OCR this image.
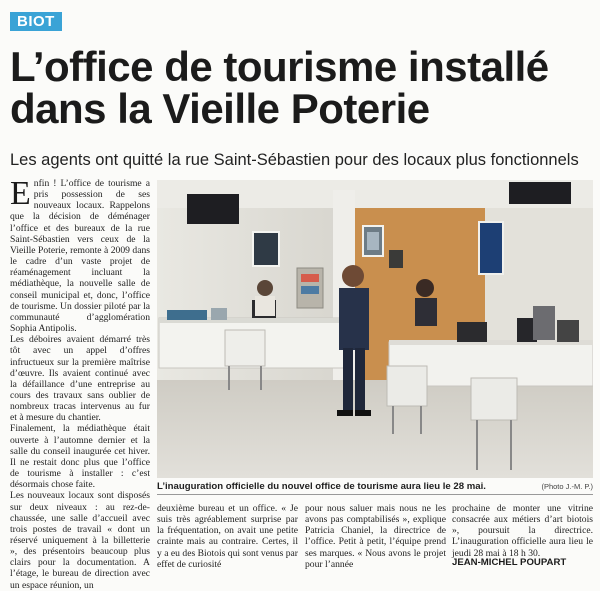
BIOT
L’office de tourisme installé
dans la Vieille Poterie
Les agents ont quitté la rue Saint-Sébastien pour des locaux plus fonctionnels

Enfin ! L’office de tourisme a pris possession de ses nouveaux locaux. Rappelons que la décision de déménager l’office et des bureaux de la rue Saint-Sébastien vers ceux de la Vieille Poterie, remonte à 2009 dans le cadre d’un vaste projet de réaménagement incluant la médiathèque, la nouvelle salle de conseil municipal et, donc, l’office de tourisme. Un dossier piloté par la communauté d’agglomération Sophia Antipolis.

Les déboires avaient démarré très tôt avec un appel d’offres infructueux sur la première maîtrise d’œuvre. Ils avaient continué avec la défaillance d’une entreprise au cours des travaux sans oublier de nombreux tracas intervenus au fur et à mesure du chantier.

Finalement, la médiathèque était ouverte à l’automne dernier et la salle du conseil inaugurée cet hiver. Il ne restait donc plus que l’office de tourisme à installer : c’est désormais chose faite.

Les nouveaux locaux sont disposés sur deux niveaux : au rez-de-chaussée, une salle d’accueil avec trois postes de travail « dont un réservé uniquement à la billetterie », des présentoirs beaucoup plus clairs pour la documentation. A l’étage, le bureau de direction avec un espace réunion, un

L’inauguration officielle du nouvel office de tourisme aura lieu le 28 mai.	(Photo J.-M. P.)
deuxième bureau et un office. « Je suis très agréablement surprise par la fréquentation, on avait une petite crainte mais au contraire. Certes, il y a eu des Biotois qui sont venus par effet de curiosité
pour nous saluer mais nous ne les avons pas comptabilisés », explique Patricia Chaniel, la directrice de l’office. Petit à petit, l’équipe prend ses marques. « Nous avons le projet pour l’année
prochaine de monter une vitrine consacrée aux métiers d’art biotois », poursuit la directrice. L’inauguration officielle aura lieu le jeudi 28 mai à 18 h 30.
JEAN-MICHEL POUPART
